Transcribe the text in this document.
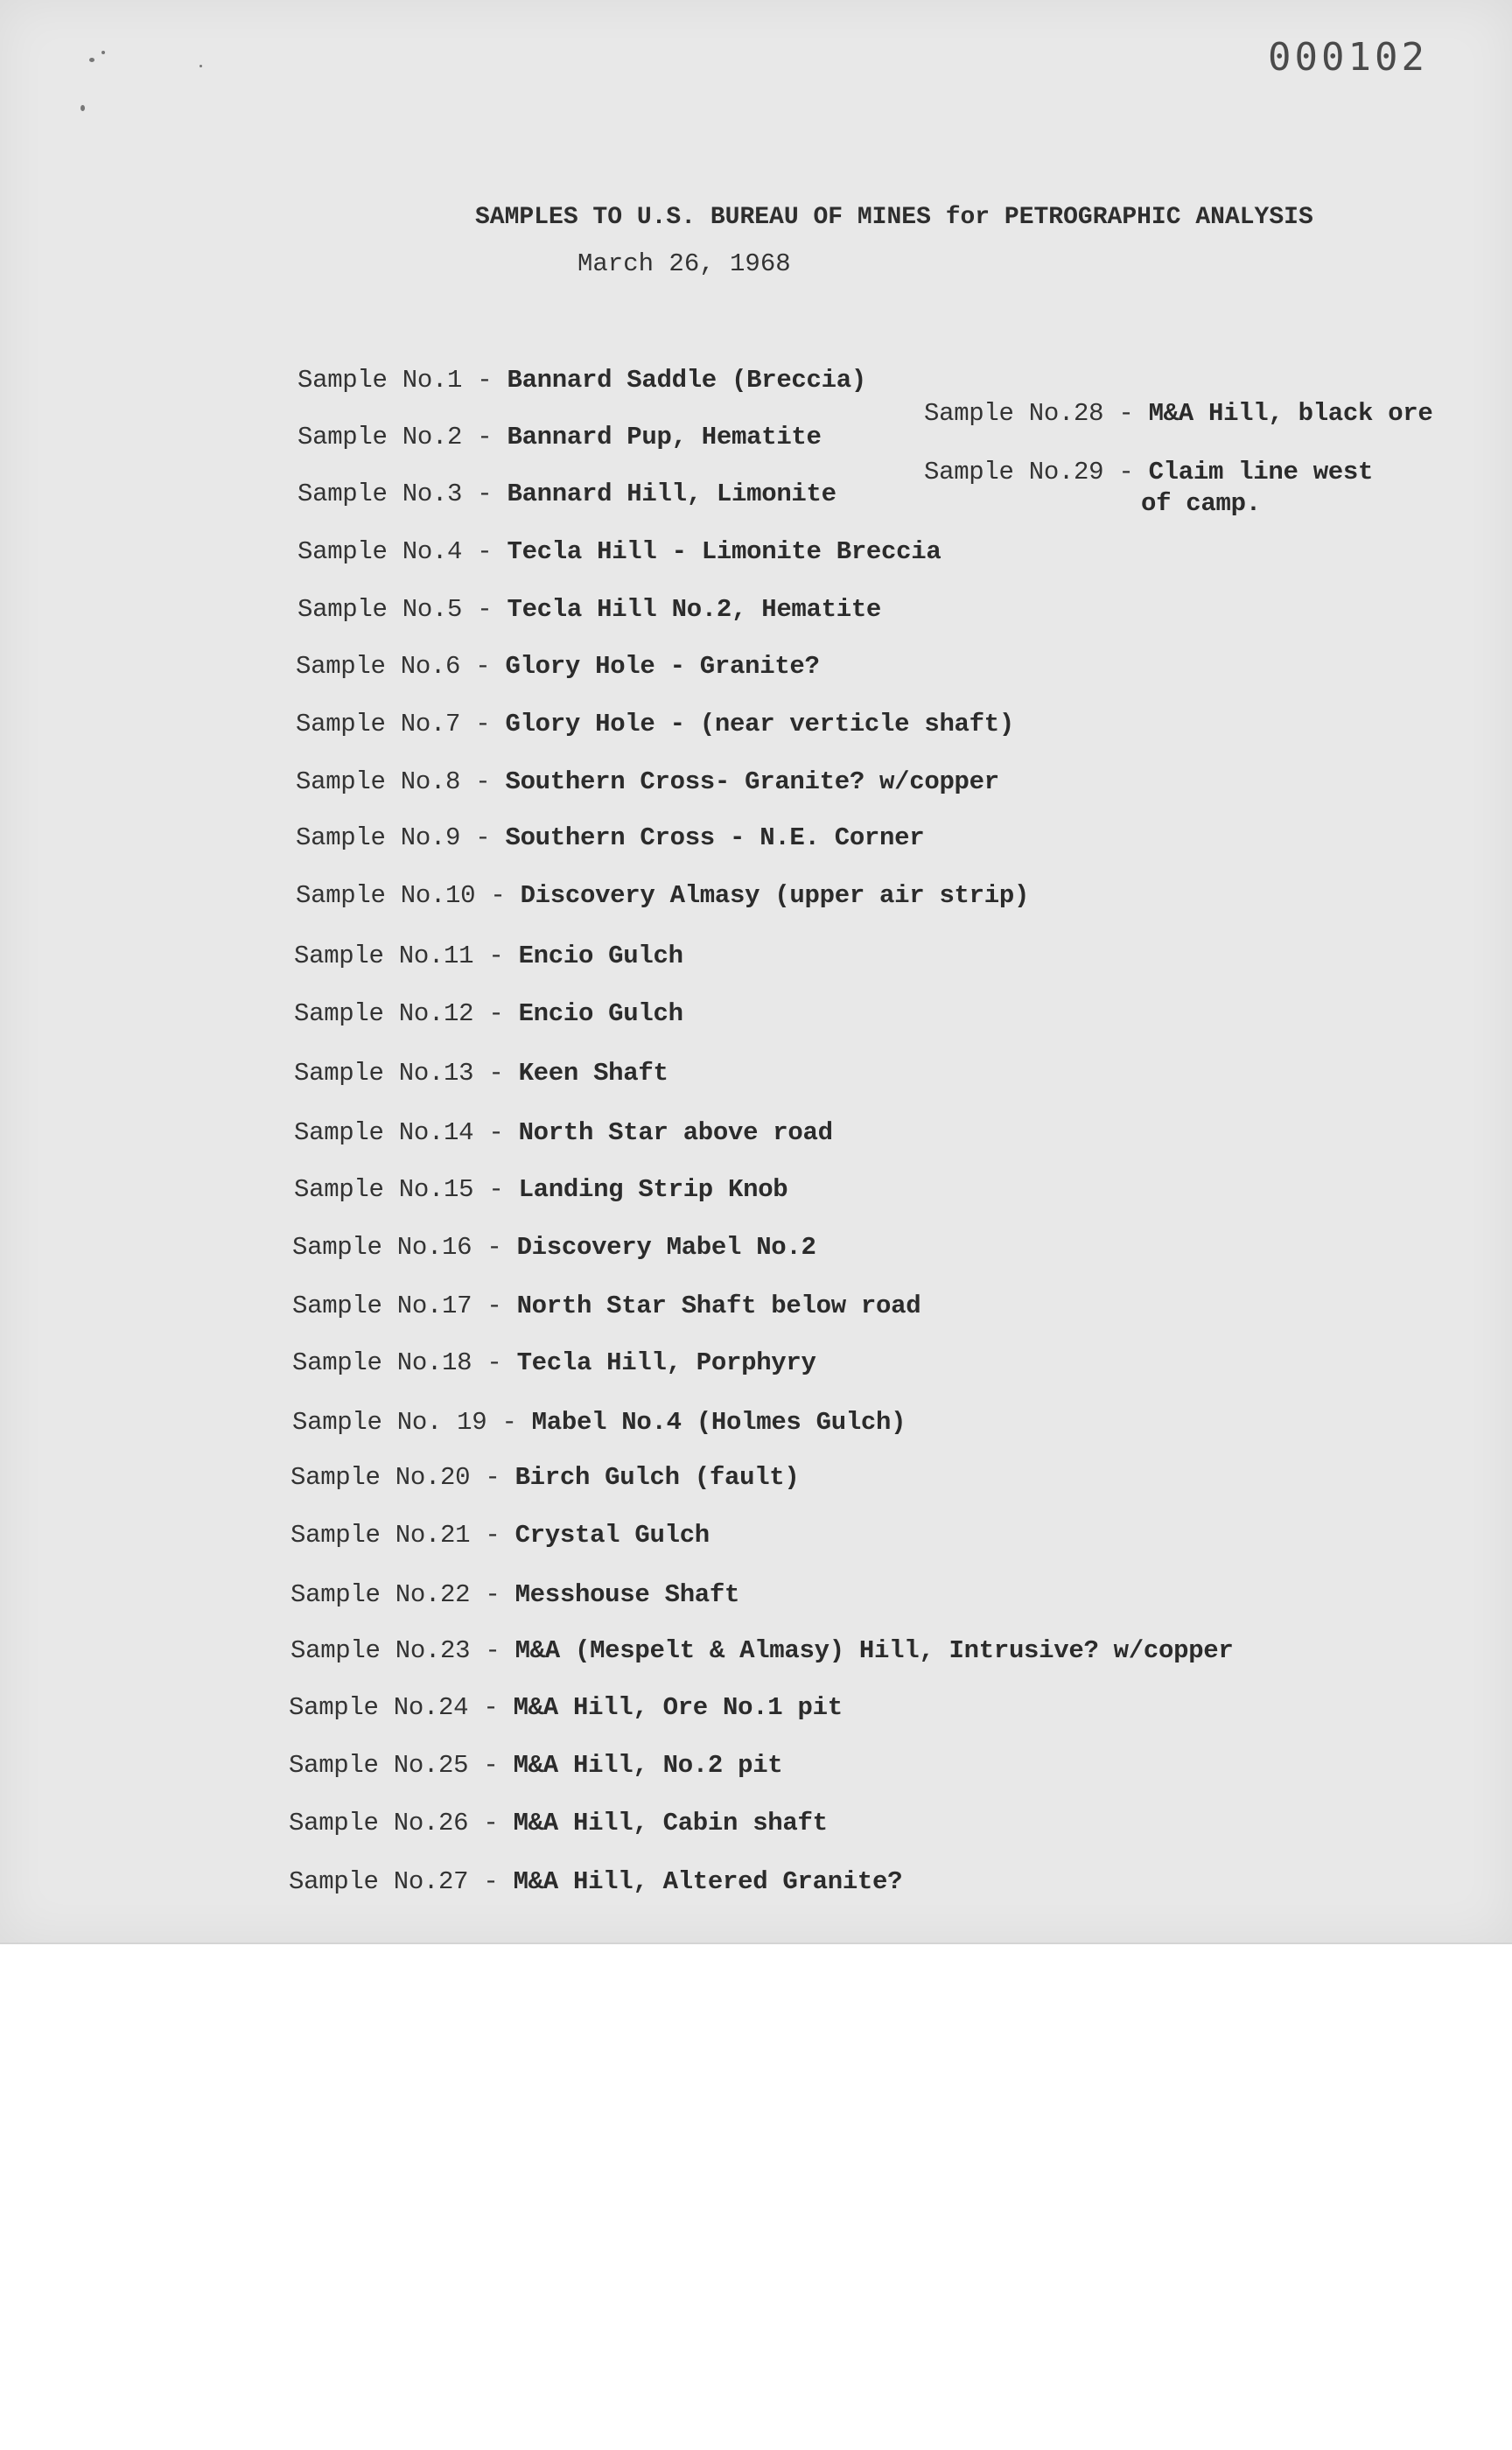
000102
SAMPLES TO U.S. BUREAU OF MINES for PETROGRAPHIC ANALYSIS
March 26, 1968
Sample No.1 - Bannard Saddle (Breccia)
Sample No.2 - Bannard Pup, Hematite
Sample No.3 - Bannard Hill, Limonite
Sample No.4 - Tecla Hill - Limonite Breccia
Sample No.5 - Tecla Hill No.2, Hematite
Sample No.6 - Glory Hole - Granite?
Sample No.7 - Glory Hole - (near verticle shaft)
Sample No.8 - Southern Cross- Granite? w/copper
Sample No.9 - Southern Cross - N.E. Corner
Sample No.10 - Discovery Almasy (upper air strip)
Sample No.11 - Encio Gulch
Sample No.12 - Encio Gulch
Sample No.13 - Keen Shaft
Sample No.14 - North Star above road
Sample No.15 - Landing Strip Knob
Sample No.16 - Discovery Mabel No.2
Sample No.17 - North Star Shaft below road
Sample No.18 - Tecla Hill, Porphyry
Sample No. 19 - Mabel No.4 (Holmes Gulch)
Sample No.20 - Birch Gulch (fault)
Sample No.21 - Crystal Gulch
Sample No.22 - Messhouse Shaft
Sample No.23 - M&A (Mespelt & Almasy) Hill, Intrusive? w/copper
Sample No.24 - M&A Hill, Ore No.1 pit
Sample No.25 - M&A Hill, No.2 pit
Sample No.26 - M&A Hill, Cabin shaft
Sample No.27 - M&A Hill, Altered Granite?
Sample No.28 - M&A Hill, black ore
Sample No.29 - Claim line west
of camp.
